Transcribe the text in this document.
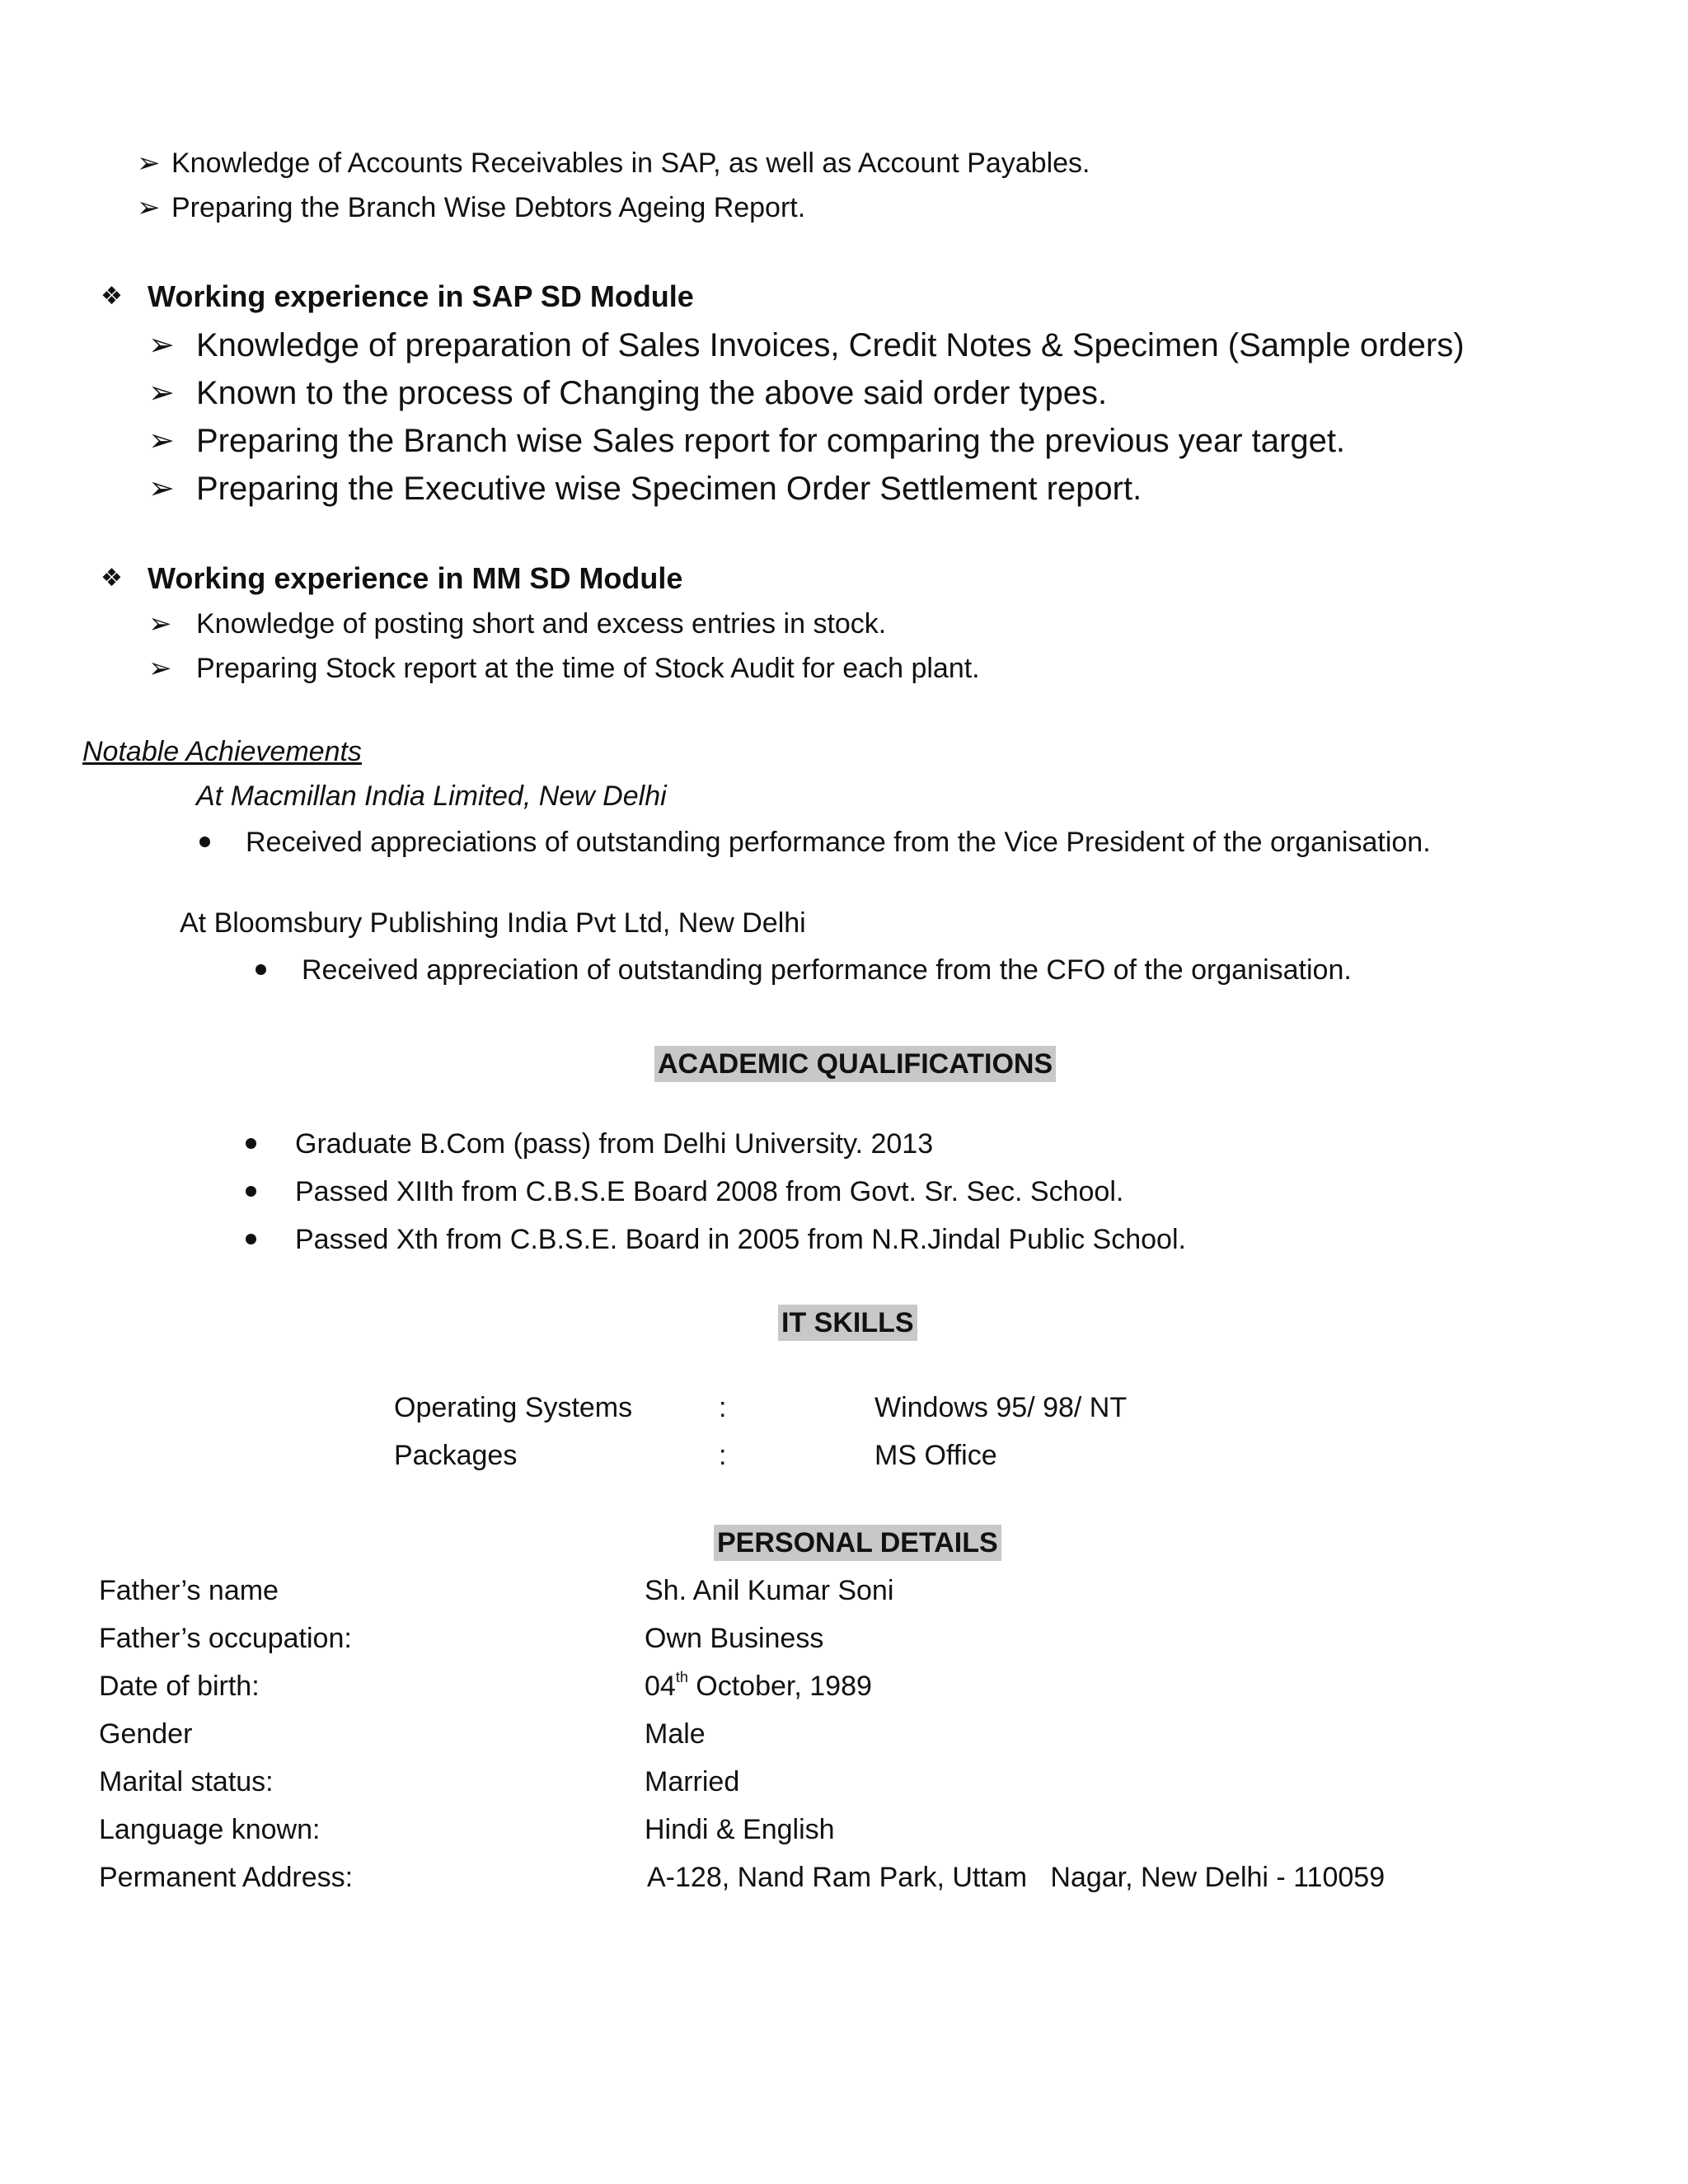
➢ Knowledge of Accounts Receivables in SAP, as well as Account Payables.
➢ Preparing the Branch Wise Debtors Ageing Report.
❖ Working experience in SAP SD Module
➢ Knowledge of preparation of Sales Invoices, Credit Notes & Specimen (Sample orders)
➢ Known to the process of Changing the above said order types.
➢ Preparing the Branch wise Sales report for comparing the previous year target.
➢ Preparing the Executive wise Specimen Order Settlement report.
❖ Working experience in MM SD Module
➢ Knowledge of posting short and excess entries in stock.
➢ Preparing Stock report at the time of Stock Audit for each plant.
Notable Achievements
At Macmillan India Limited, New Delhi
Received appreciations of outstanding performance from the Vice President of the organisation.
At Bloomsbury Publishing India Pvt Ltd, New Delhi
Received appreciation of outstanding performance from the CFO of the organisation.
ACADEMIC QUALIFICATIONS
Graduate B.Com (pass) from Delhi University. 2013
Passed XIIth from C.B.S.E Board 2008 from Govt. Sr. Sec. School.
Passed Xth from C.B.S.E. Board in 2005 from N.R.Jindal Public School.
IT SKILLS
Operating Systems	:	Windows 95/ 98/ NT
Packages	:	MS Office
PERSONAL DETAILS
Father’s name	Sh. Anil Kumar Soni
Father’s occupation:	Own Business
Date of birth:	04th October, 1989
Gender	Male
Marital status:	Married
Language known:	Hindi & English
Permanent Address:	A-128, Nand Ram Park, Uttam   Nagar, New Delhi - 110059
